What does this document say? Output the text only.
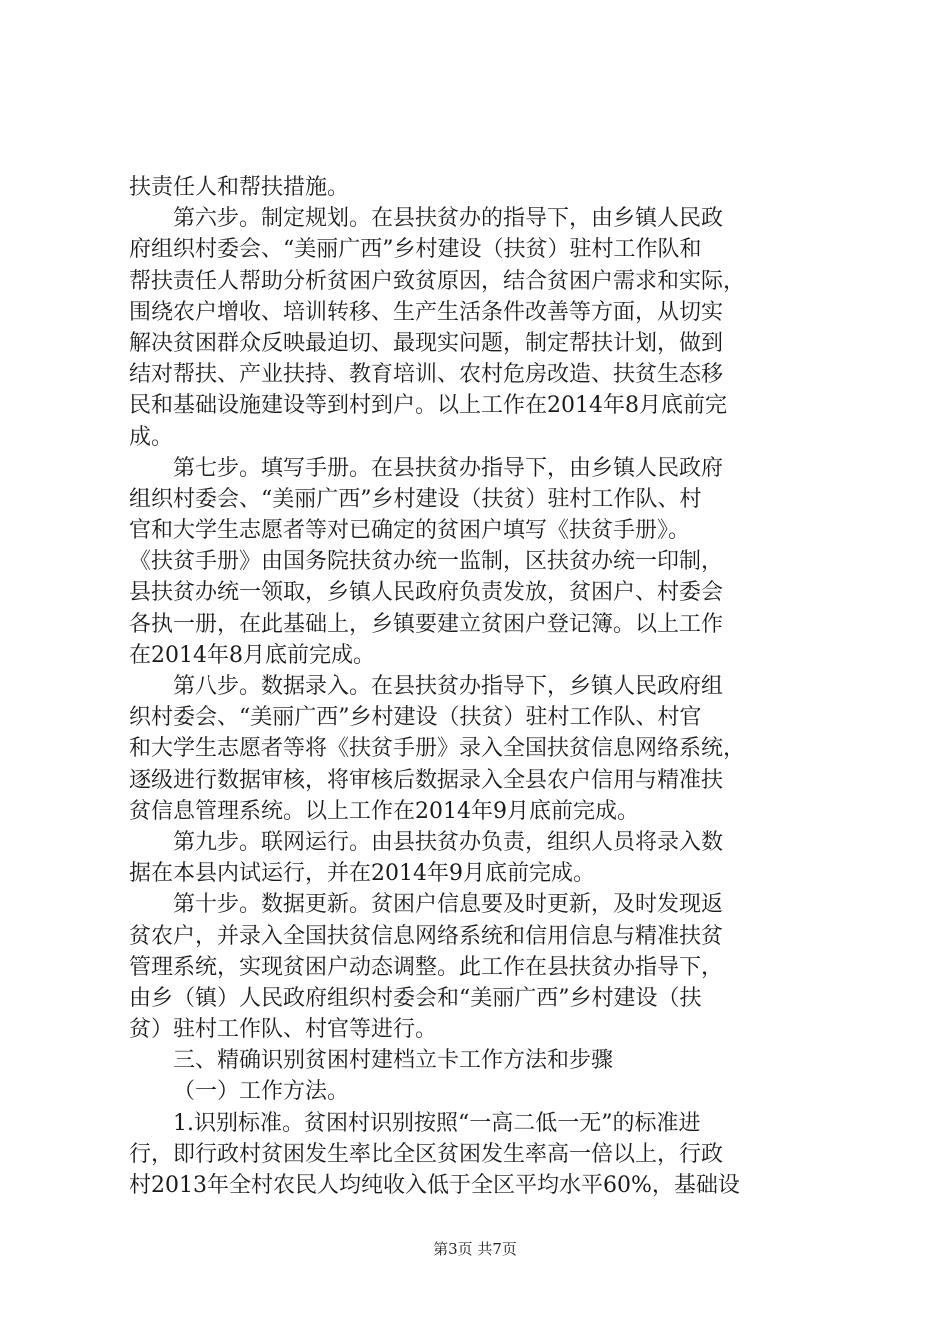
扶责任人和帮扶措施。
第六步。制定规划。在县扶贫办的指导下，由乡镇人民政
府组织村委会、“美丽广西”乡村建设（扶贫）驻村工作队和
帮扶责任人帮助分析贫困户致贫原因，结合贫困户需求和实际，
围绕农户增收、培训转移、生产生活条件改善等方面，从切实
解决贫困群众反映最迫切、最现实问题，制定帮扶计划，做到
结对帮扶、产业扶持、教育培训、农村危房改造、扶贫生态移
民和基础设施建设等到村到户。以上工作在2014年8月底前完
成。
第七步。填写手册。在县扶贫办指导下，由乡镇人民政府
组织村委会、“美丽广西”乡村建设（扶贫）驻村工作队、村
官和大学生志愿者等对已确定的贫困户填写《扶贫手册》。
《扶贫手册》由国务院扶贫办统一监制，区扶贫办统一印制，
县扶贫办统一领取，乡镇人民政府负责发放，贫困户、村委会
各执一册，在此基础上，乡镇要建立贫困户登记簿。以上工作
在2014年8月底前完成。
第八步。数据录入。在县扶贫办指导下，乡镇人民政府组
织村委会、“美丽广西”乡村建设（扶贫）驻村工作队、村官
和大学生志愿者等将《扶贫手册》录入全国扶贫信息网络系统，
逐级进行数据审核，将审核后数据录入全县农户信用与精准扶
贫信息管理系统。以上工作在2014年9月底前完成。
第九步。联网运行。由县扶贫办负责，组织人员将录入数
据在本县内试运行，并在2014年9月底前完成。
第十步。数据更新。贫困户信息要及时更新，及时发现返
贫农户，并录入全国扶贫信息网络系统和信用信息与精准扶贫
管理系统，实现贫困户动态调整。此工作在县扶贫办指导下，
由乡（镇）人民政府组织村委会和“美丽广西”乡村建设（扶
贫）驻村工作队、村官等进行。
三、精确识别贫困村建档立卡工作方法和步骤
（一）工作方法。
1.识别标准。贫困村识别按照“一高二低一无”的标准进
行，即行政村贫困发生率比全区贫困发生率高一倍以上，行政
村2013年全村农民人均纯收入低于全区平均水平60%，基础设
第3页 共7页
